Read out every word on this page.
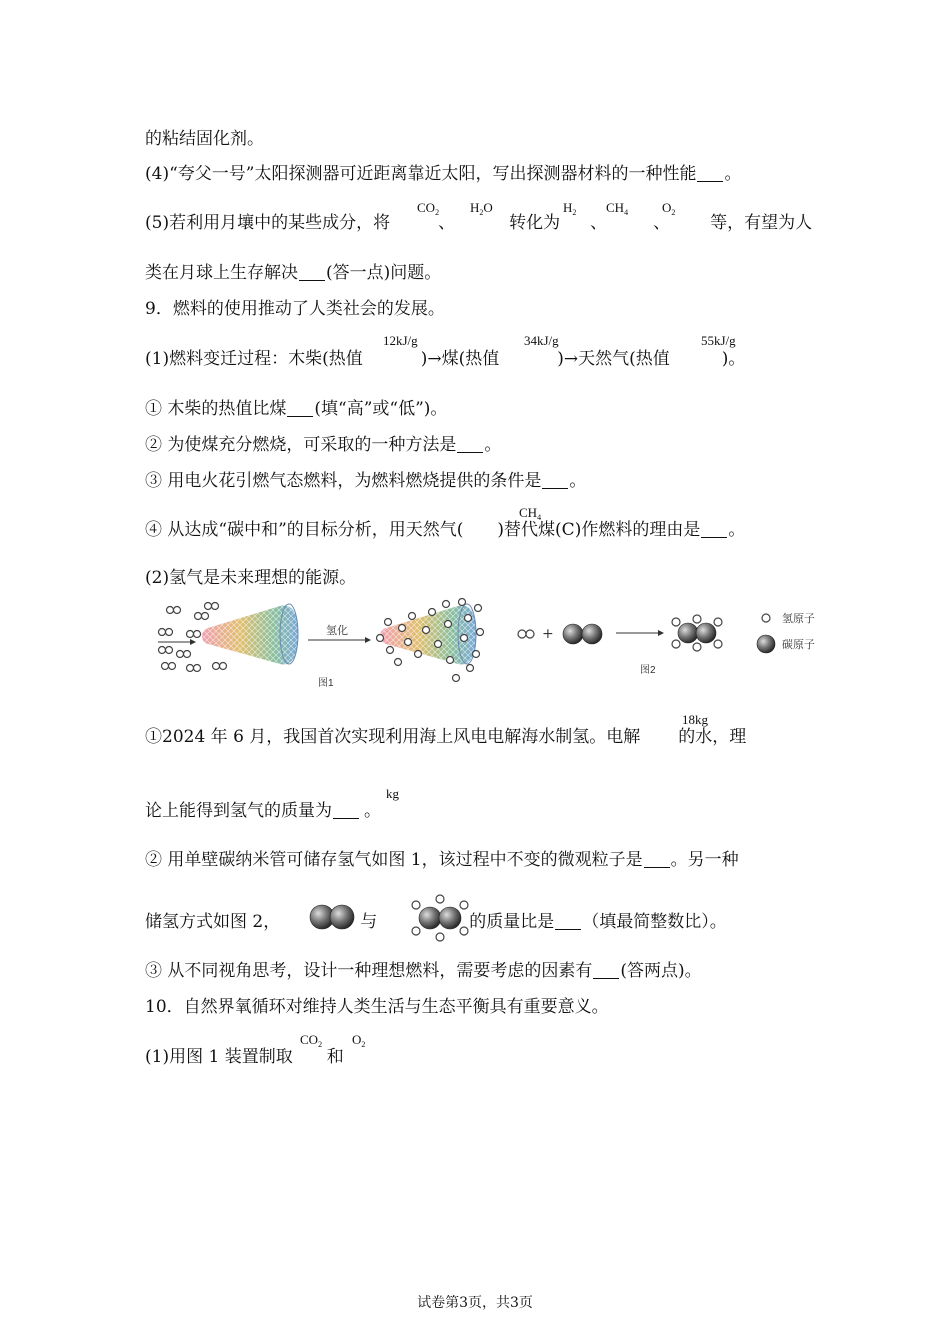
的粘结固化剂。
(4)“夸父一号”太阳探测器可近距离靠近太阳，写出探测器材料的一种性能 。
(5)若利用月壤中的某些成分，将	、	转化为 、	、 等，有望为人
$CO_2$ $H_2O$	$H_2$ $CH_4$	$O_2$
类在月球上生存解决 (答一点)问题。
9．燃料的使用推动了人类社会的发展。
(1)燃料变迁过程：木柴(热值	)→煤(热值	)→天然气(热值	)。
12kJ/g	34kJ/g	55kJ/g
① 木柴的热值比煤 (填“高”或“低”)。
② 为使煤充分燃烧，可采取的一种方法是 。
③ 用电火花引燃气态燃料，为燃料燃烧提供的条件是 。
④ 从达成“碳中和”的目标分析，用天然气( )替代煤(C)作燃料的理由是 。
$CH_4$
(2)氢气是未来理想的能源。
氢化
图1
+
图2
氢原子
碳原子
①2024 年 6 月，我国首次实现利用海上风电电解海水制氢。电解 的水，理
18kg
论上能得到氢气的质量为 。
kg
② 用单壁碳纳米管可储存氢气如图 1，该过程中不变的微观粒子是 。另一种
储氢方式如图 2，	与	的质量比是 （填最简整数比）。
③ 从不同视角思考，设计一种理想燃料，需要考虑的因素有 (答两点)。
10．自然界氧循环对维持人类生活与生态平衡具有重要意义。
(1)用图 1 装置制取 和
$CO_2$ $O_2$
试卷第3页，共3页
